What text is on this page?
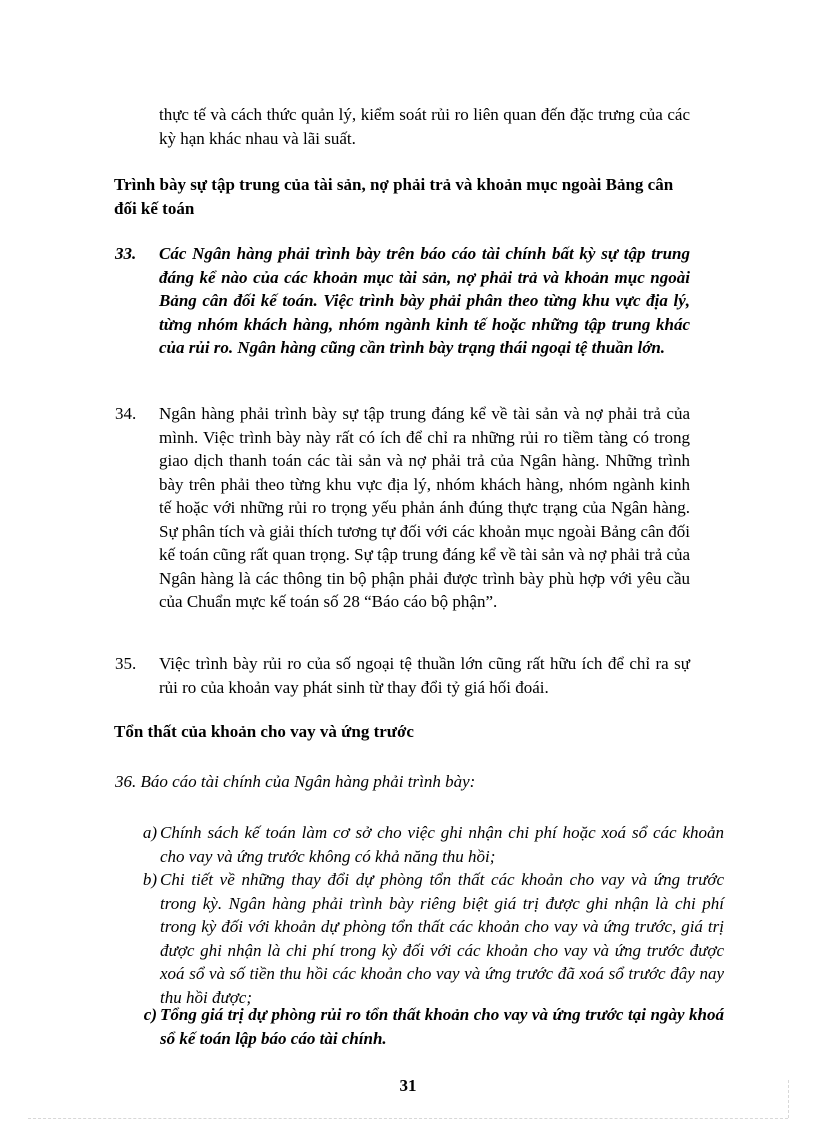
thực tế và cách thức quản lý, kiểm soát rủi ro liên quan đến đặc trưng của các kỳ hạn khác nhau và lãi suất.
Trình bày sự tập trung của tài sản, nợ phải trả và khoản mục ngoài Bảng cân đối kế toán
33. Các Ngân hàng phải trình bày trên báo cáo tài chính bất kỳ sự tập trung đáng kể nào của các khoản mục tài sản, nợ phải trả và khoản mục ngoài Bảng cân đối kế toán. Việc trình bày phải phân theo từng khu vực địa lý, từng nhóm khách hàng, nhóm ngành kinh tế hoặc những tập trung khác của rủi ro. Ngân hàng cũng cần trình bày trạng thái ngoại tệ thuần lớn.
34. Ngân hàng phải trình bày sự tập trung đáng kể về tài sản và nợ phải trả của mình. Việc trình bày này rất có ích để chỉ ra những rủi ro tiềm tàng có trong giao dịch thanh toán các tài sản và nợ phải trả của Ngân hàng. Những trình bày trên phải theo từng khu vực địa lý, nhóm khách hàng, nhóm ngành kinh tế hoặc với những rủi ro trọng yếu phản ánh đúng thực trạng của Ngân hàng. Sự phân tích và giải thích tương tự đối với các khoản mục ngoài Bảng cân đối kế toán cũng rất quan trọng. Sự tập trung đáng kể về tài sản và nợ phải trả của Ngân hàng là các thông tin bộ phận phải được trình bày phù hợp với yêu cầu của Chuẩn mực kế toán số 28 “Báo cáo bộ phận”.
35. Việc trình bày rủi ro của số ngoại tệ thuần lớn cũng rất hữu ích để chỉ ra sự rủi ro của khoản vay phát sinh từ thay đổi tỷ giá hối đoái.
Tổn thất của khoản cho vay và ứng trước
36. Báo cáo tài chính của Ngân hàng phải trình bày:
a) Chính sách kế toán làm cơ sở cho việc ghi nhận chi phí hoặc xoá sổ các khoản cho vay và ứng trước không có khả năng thu hồi;
b) Chi tiết về những thay đổi dự phòng tổn thất các khoản cho vay và ứng trước trong kỳ. Ngân hàng phải trình bày riêng biệt giá trị được ghi nhận là chi phí trong kỳ đối với khoản dự phòng tổn thất các khoản cho vay và ứng trước, giá trị được ghi nhận là chi phí trong kỳ đối với các khoản cho vay và ứng trước được xoá sổ và số tiền thu hồi các khoản cho vay và ứng trước đã xoá sổ trước đây nay thu hồi được;
c) Tổng giá trị dự phòng rủi ro tổn thất khoản cho vay và ứng trước tại ngày khoá sổ kế toán lập báo cáo tài chính.
31
